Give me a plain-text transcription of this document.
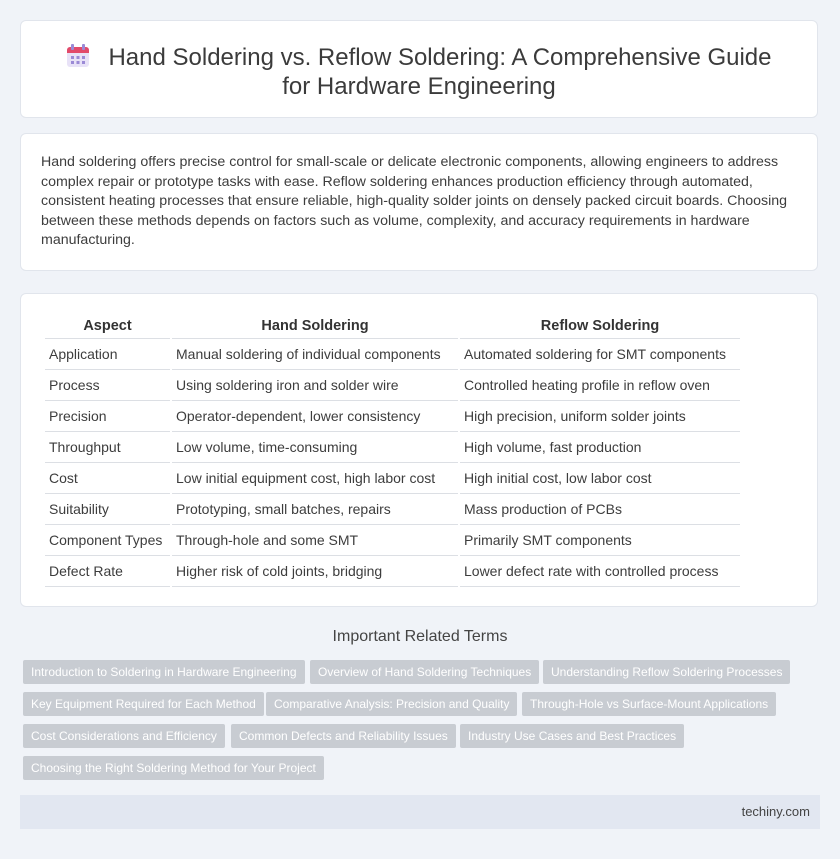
Hand Soldering vs. Reflow Soldering: A Comprehensive Guide for Hardware Engineering
Hand soldering offers precise control for small-scale or delicate electronic components, allowing engineers to address complex repair or prototype tasks with ease. Reflow soldering enhances production efficiency through automated, consistent heating processes that ensure reliable, high-quality solder joints on densely packed circuit boards. Choosing between these methods depends on factors such as volume, complexity, and accuracy requirements in hardware manufacturing.
Aspect	Hand Soldering	Reflow Soldering
Application	Manual soldering of individual components	Automated soldering for SMT components
Process	Using soldering iron and solder wire	Controlled heating profile in reflow oven
Precision	Operator-dependent, lower consistency	High precision, uniform solder joints
Throughput	Low volume, time-consuming	High volume, fast production
Cost	Low initial equipment cost, high labor cost	High initial cost, low labor cost
Suitability	Prototyping, small batches, repairs	Mass production of PCBs
Component Types	Through-hole and some SMT	Primarily SMT components
Defect Rate	Higher risk of cold joints, bridging	Lower defect rate with controlled process
Important Related Terms
Introduction to Soldering in Hardware Engineering	Overview of Hand Soldering Techniques	Understanding Reflow Soldering Processes
Key Equipment Required for Each Method	Comparative Analysis: Precision and Quality	Through-Hole vs Surface-Mount Applications
Cost Considerations and Efficiency	Common Defects and Reliability Issues	Industry Use Cases and Best Practices
Choosing the Right Soldering Method for Your Project
techiny.com
